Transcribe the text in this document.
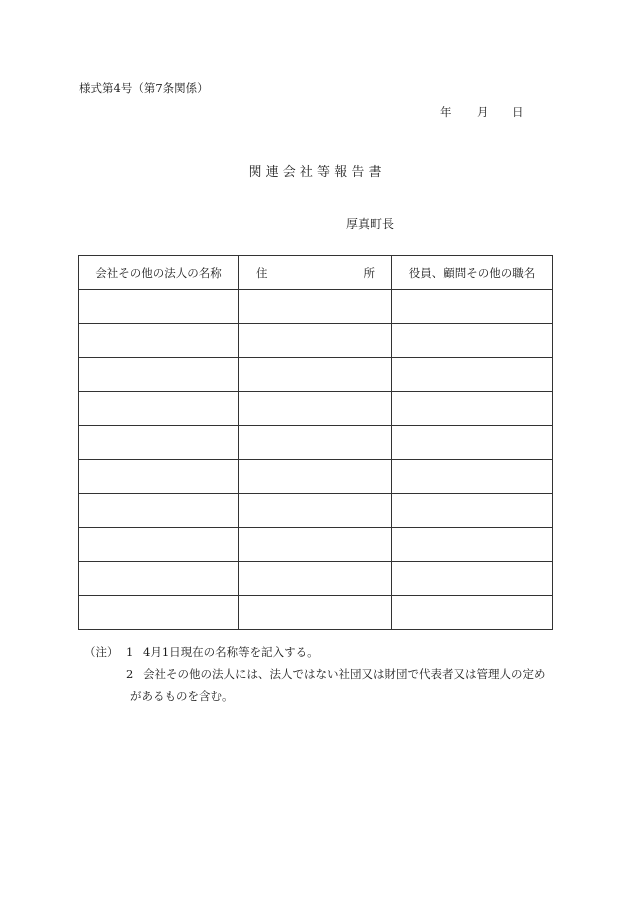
様式第4号（第7条関係）
年 月 日
関 連 会 社 等 報 告 書
厚真町長
会社その他の法人の名称	住 所	役員、顧問その他の職名

（注） 1 4月1日現在の名称等を記入する。
2 会社その他の法人には、法人ではない社団又は財団で代表者又は管理人の定め
があるものを含む。
